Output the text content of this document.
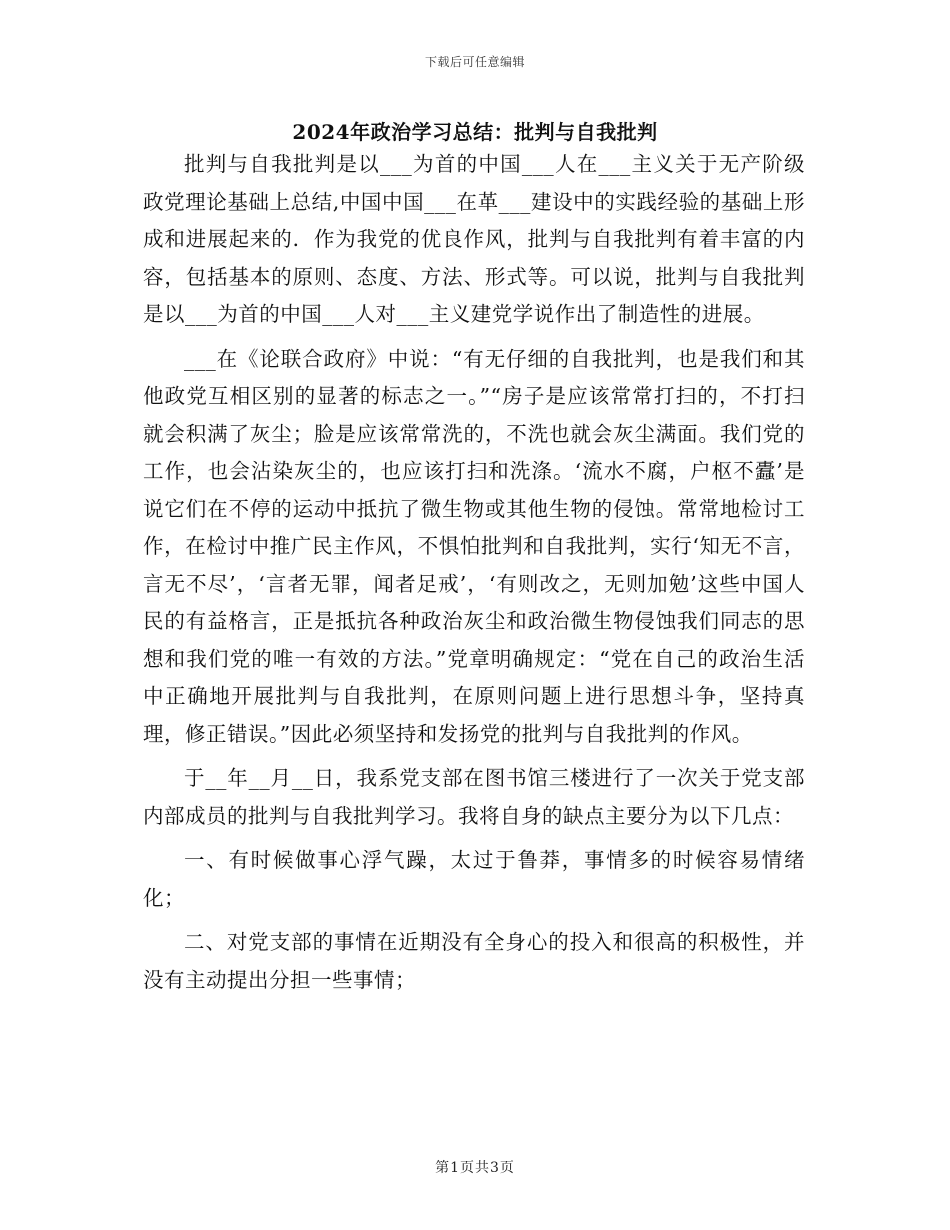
下载后可任意编辑
2024年政治学习总结：批判与自我批判

批判与自我批判是以___为首的中国___人在___主义关于无产阶级政党理论基础上总结,中国中国___在革___建设中的实践经验的基础上形成和进展起来的．作为我党的优良作风，批判与自我批判有着丰富的内容，包括基本的原则、态度、方法、形式等。可以说，批判与自我批判是以___为首的中国___人对___主义建党学说作出了制造性的进展。

___在《论联合政府》中说：“有无仔细的自我批判，也是我们和其他政党互相区别的显著的标志之一。”“房子是应该常常打扫的，不打扫就会积满了灰尘；脸是应该常常洗的，不洗也就会灰尘满面。我们党的工作，也会沾染灰尘的，也应该打扫和洗涤。‘流水不腐，户枢不蠹’是说它们在不停的运动中抵抗了微生物或其他生物的侵蚀。常常地检讨工作，在检讨中推广民主作风，不惧怕批判和自我批判，实行‘知无不言，言无不尽’，‘言者无罪，闻者足戒’，‘有则改之，无则加勉’这些中国人民的有益格言，正是抵抗各种政治灰尘和政治微生物侵蚀我们同志的思想和我们党的唯一有效的方法。”党章明确规定：“党在自己的政治生活中正确地开展批判与自我批判，在原则问题上进行思想斗争，坚持真理，修正错误。”因此必须坚持和发扬党的批判与自我批判的作风。

于__年__月__日，我系党支部在图书馆三楼进行了一次关于党支部内部成员的批判与自我批判学习。我将自身的缺点主要分为以下几点：

一、有时候做事心浮气躁，太过于鲁莽，事情多的时候容易情绪化；

二、对党支部的事情在近期没有全身心的投入和很高的积极性，并没有主动提出分担一些事情；

第1页共3页
